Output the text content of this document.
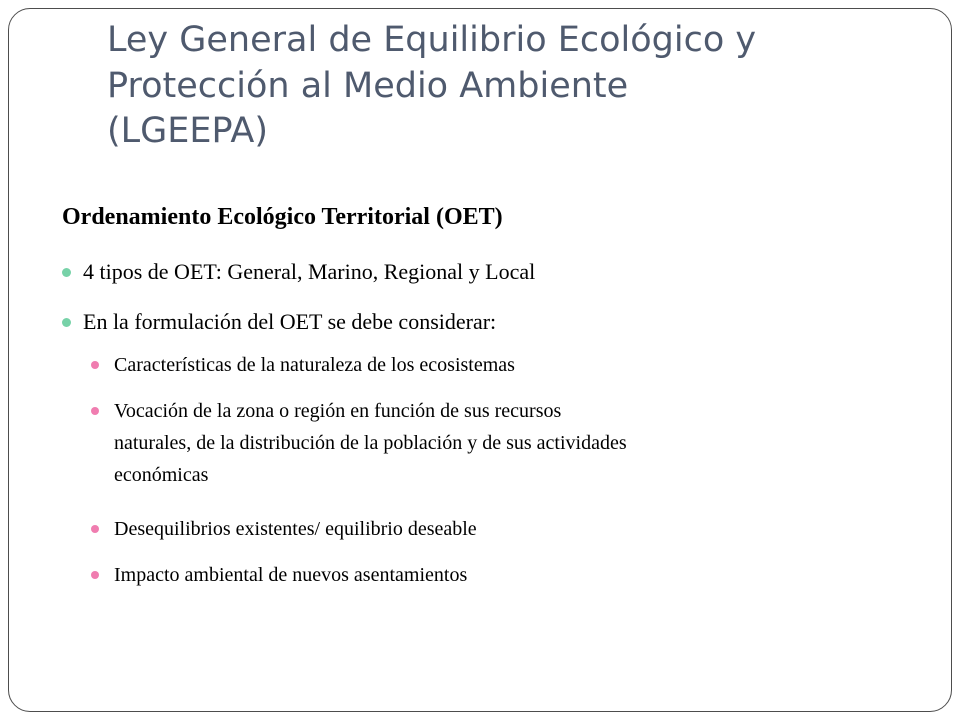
Ley General de Equilibrio Ecológico y
Protección al Medio Ambiente
(LGEEPA)
Ordenamiento Ecológico Territorial (OET)
4 tipos de OET: General, Marino, Regional y Local
En la formulación del OET se debe considerar:
Características de la naturaleza de los ecosistemas
Vocación de la zona o región en función de sus recursos
naturales, de la distribución de la población y de sus actividades
económicas
Desequilibrios existentes/ equilibrio deseable
Impacto ambiental de nuevos asentamientos
